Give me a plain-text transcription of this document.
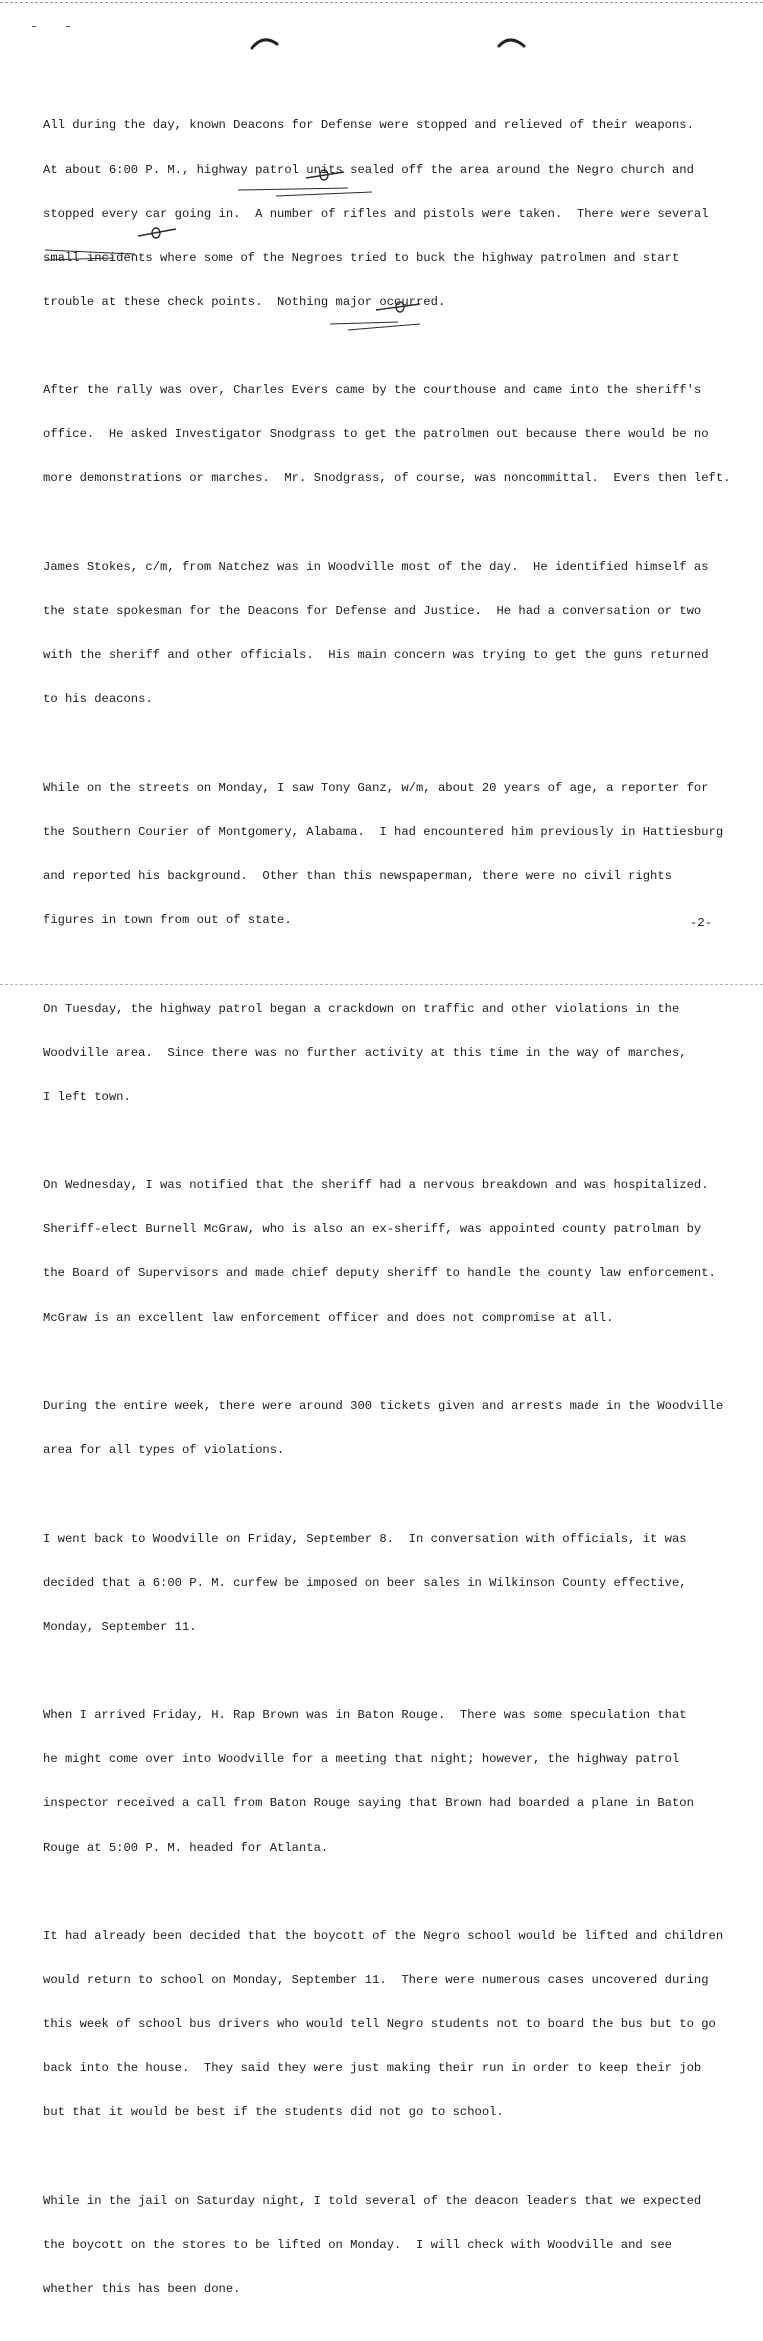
All during the day, known Deacons for Defense were stopped and relieved of their weapons.

At about 6:00 P. M., highway patrol units sealed off the area around the Negro church and

stopped every car going in.  A number of rifles and pistols were taken.  There were several

small incidents where some of the Negroes tried to buck the highway patrolmen and start

trouble at these check points.  Nothing major occurred.

After the rally was over, Charles Evers came by the courthouse and came into the sheriff's

office.  He asked Investigator Snodgrass to get the patrolmen out because there would be no

more demonstrations or marches.  Mr. Snodgrass, of course, was noncommittal.  Evers then left.

James Stokes, c/m, from Natchez was in Woodville most of the day.  He identified himself as

the state spokesman for the Deacons for Defense and Justice.  He had a conversation or two

with the sheriff and other officials.  His main concern was trying to get the guns returned

to his deacons.

While on the streets on Monday, I saw Tony Ganz, w/m, about 20 years of age, a reporter for

the Southern Courier of Montgomery, Alabama.  I had encountered him previously in Hattiesburg

and reported his background.  Other than this newspaperman, there were no civil rights

figures in town from out of state.

On Tuesday, the highway patrol began a crackdown on traffic and other violations in the

Woodville area.  Since there was no further activity at this time in the way of marches,

I left town.

On Wednesday, I was notified that the sheriff had a nervous breakdown and was hospitalized.

Sheriff-elect Burnell McGraw, who is also an ex-sheriff, was appointed county patrolman by

the Board of Supervisors and made chief deputy sheriff to handle the county law enforcement.

McGraw is an excellent law enforcement officer and does not compromise at all.

During the entire week, there were around 300 tickets given and arrests made in the Woodville

area for all types of violations.

I went back to Woodville on Friday, September 8.  In conversation with officials, it was

decided that a 6:00 P. M. curfew be imposed on beer sales in Wilkinson County effective,

Monday, September 11.

When I arrived Friday, H. Rap Brown was in Baton Rouge.  There was some speculation that

he might come over into Woodville for a meeting that night; however, the highway patrol

inspector received a call from Baton Rouge saying that Brown had boarded a plane in Baton

Rouge at 5:00 P. M. headed for Atlanta.

It had already been decided that the boycott of the Negro school would be lifted and children

would return to school on Monday, September 11.  There were numerous cases uncovered during

this week of school bus drivers who would tell Negro students not to board the bus but to go

back into the house.  They said they were just making their run in order to keep their job

but that it would be best if the students did not go to school.

While in the jail on Saturday night, I told several of the deacon leaders that we expected

the boycott on the stores to be lifted on Monday.  I will check with Woodville and see

whether this has been done.

-2-
